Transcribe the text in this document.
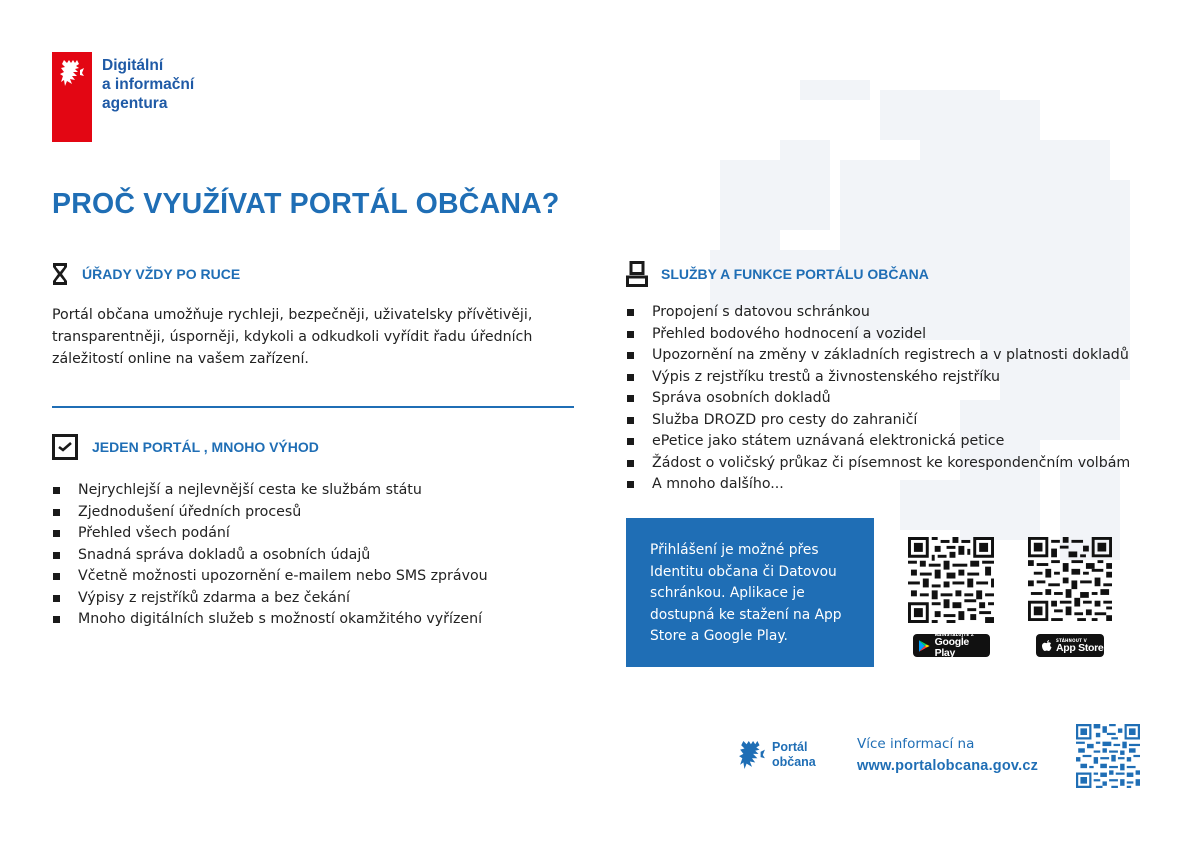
Digitální
a informační
agentura
PROČ VYUŽÍVAT PORTÁL OBČANA?
ÚŘADY VŽDY PO RUCE

Portál občana umožňuje rychleji, bezpečněji, uživatelsky přívětivěji, transparentněji, úsporněji, kdykoli a odkudkoli vyřídit řadu úředních záležitostí online na vašem zařízení.

JEDEN PORTÁL , MNOHO VÝHOD
Nejrychlejší a nejlevnější cesta ke službám státu
Zjednodušení úředních procesů
Přehled všech podání
Snadná správa dokladů a osobních údajů
Včetně možnosti upozornění e-mailem nebo SMS zprávou
Výpisy z rejstříků zdarma a bez čekání
Mnoho digitálních služeb s možností okamžitého vyřízení
SLUŽBY A FUNKCE PORTÁLU OBČANA
Propojení s datovou schránkou
Přehled bodového hodnocení a vozidel
Upozornění na změny v základních registrech a v platnosti dokladů
Výpis z rejstříku trestů a živnostenského rejstříku
Správa osobních dokladů
Služba DROZD pro cesty do zahraničí
ePetice jako státem uznávaná elektronická petice
Žádost o voličský průkaz či písemnost ke korespondenčním volbám
A mnoho dalšího...

Přihlášení je možné přes Identitu občana či Datovou schránkou. Aplikace je dostupná ke stažení na App Store a Google Play.	NAINSTALUJTE Z
Google Play
STÁHNOUT V
App Store
Portál
občana
Více informací na
www.portalobcana.gov.cz
